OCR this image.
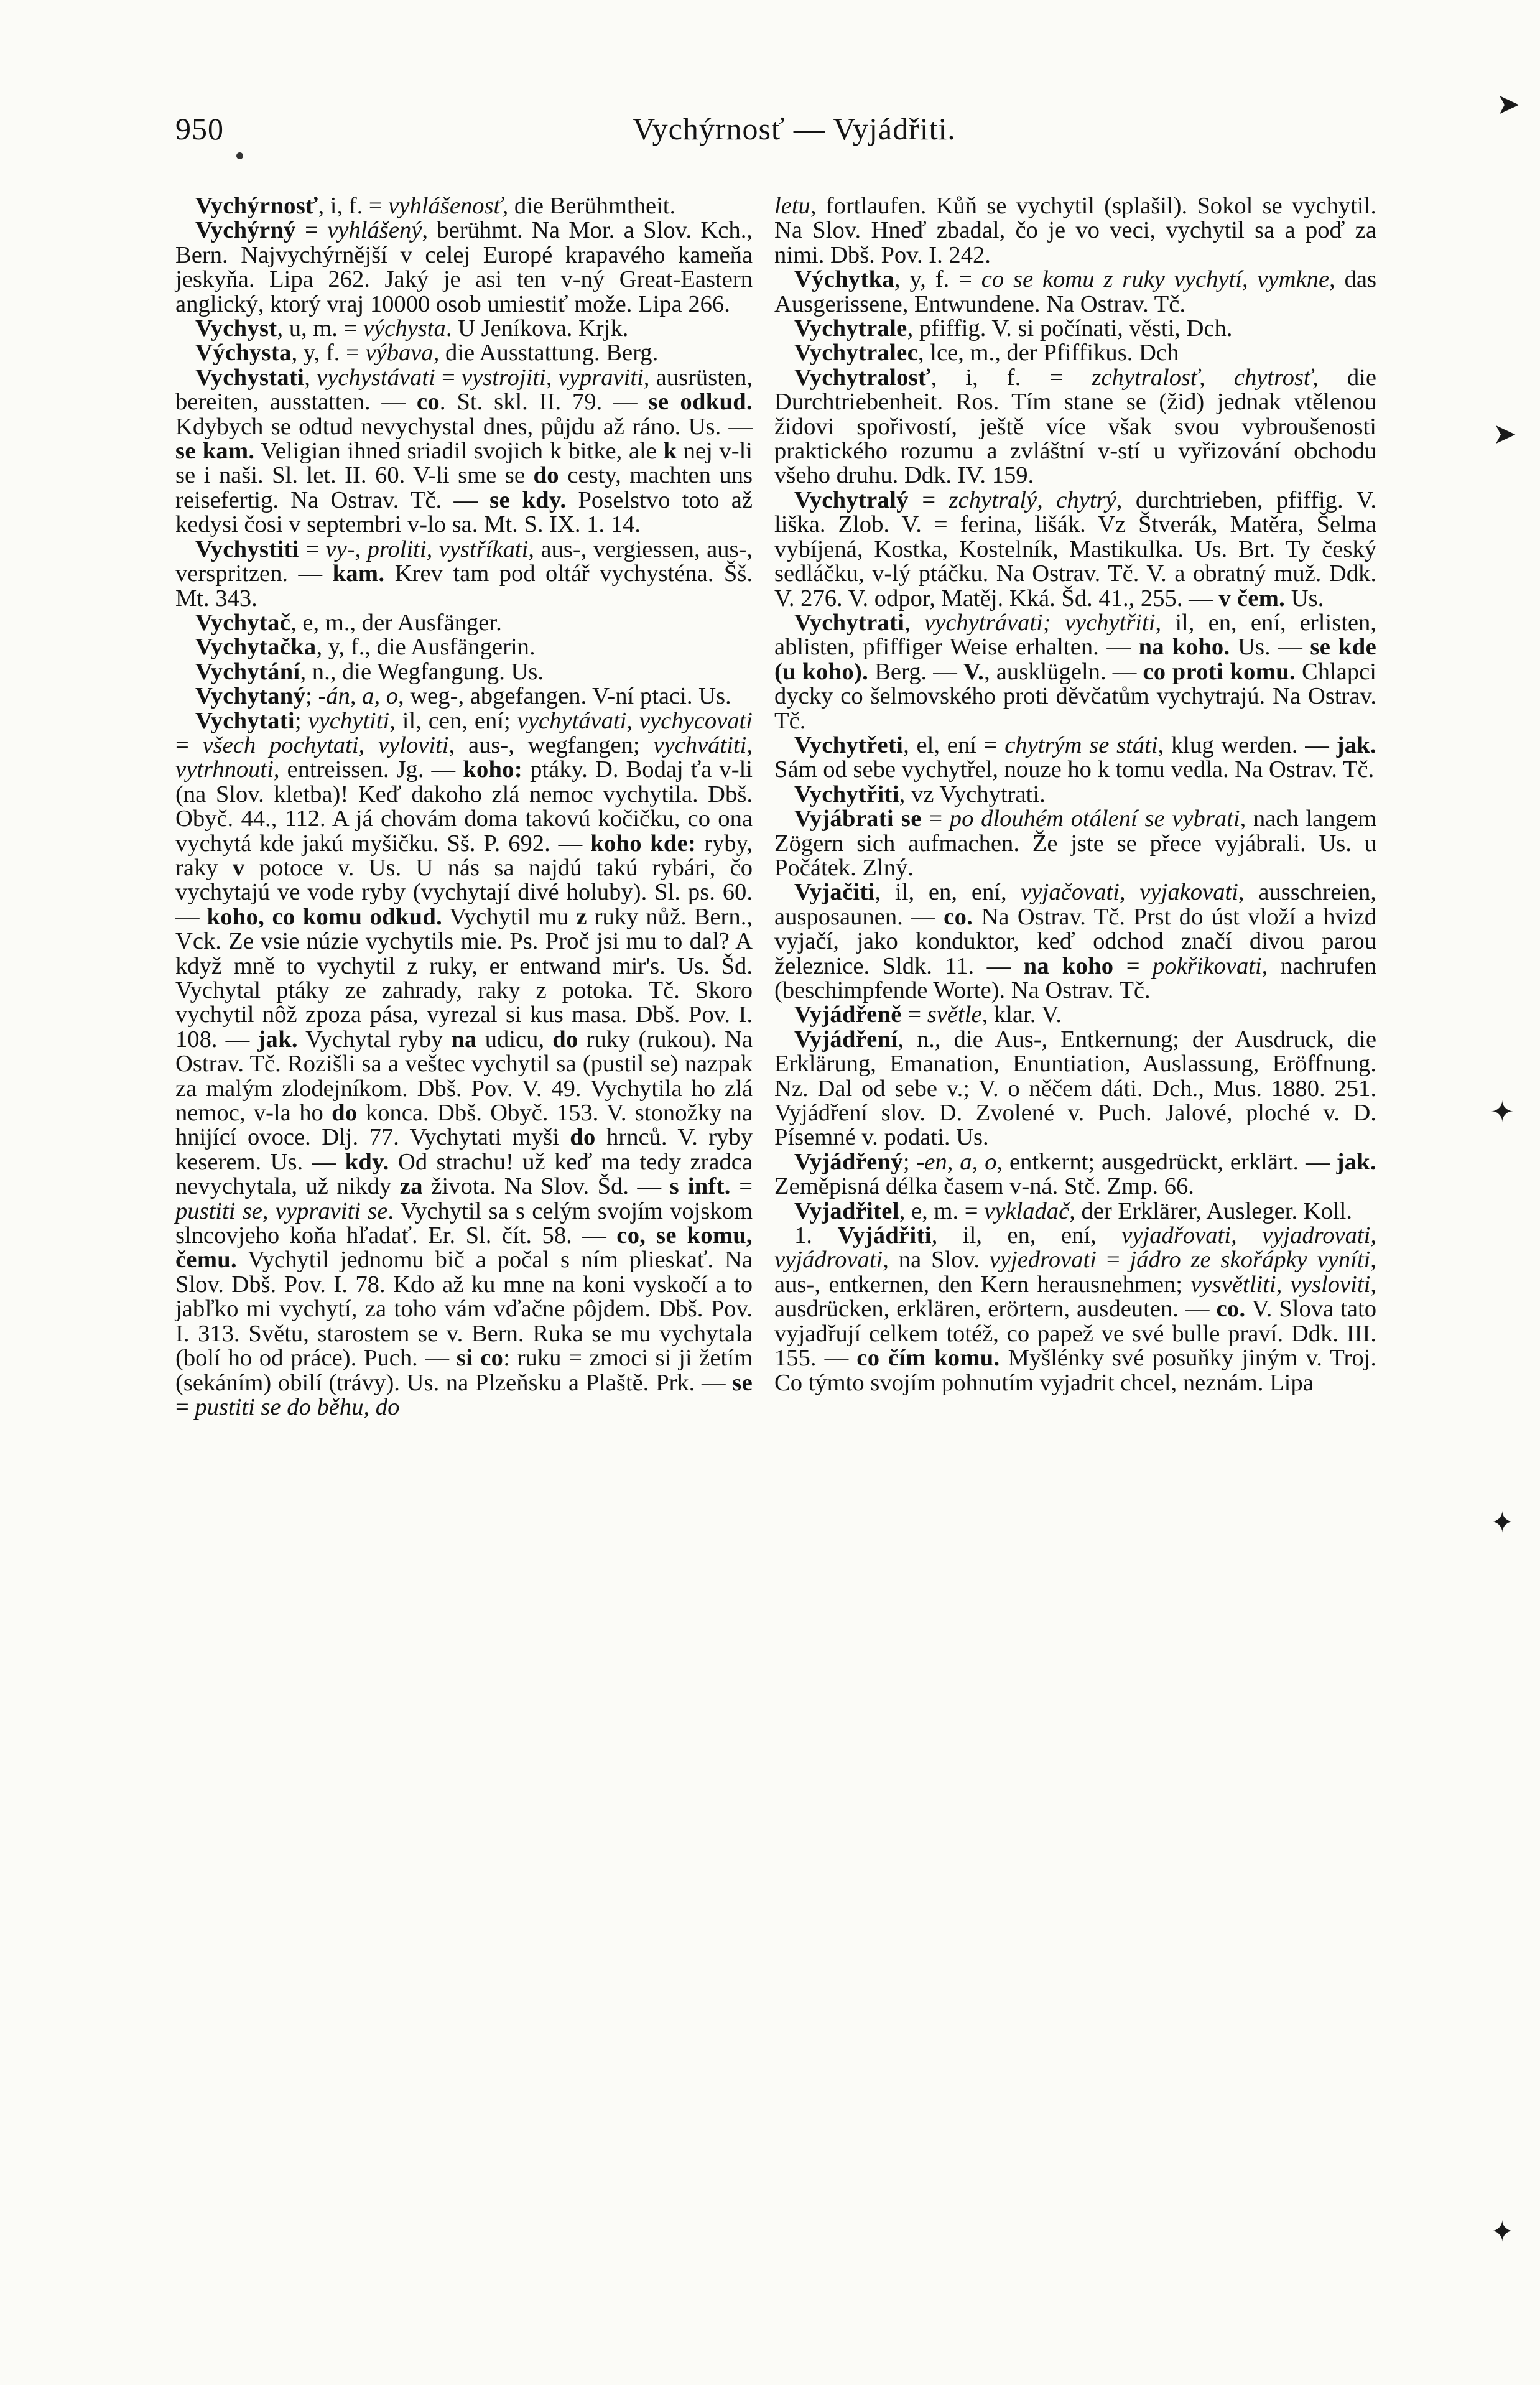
950	Vychýrnosť — Vyjádřiti.

Vychýrnosť, i, f. = vyhlášenosť, die Berühmtheit.

Vychýrný = vyhlášený, berühmt. Na Mor. a Slov. Kch., Bern. Najvychýrnější v celej Europé krapavého kameňa jeskyňa. Lipa 262. Jaký je asi ten v-ný Great-Eastern anglický, ktorý vraj 10000 osob umiestiť može. Lipa 266.

Vychyst, u, m. = výchysta. U Jeníkova. Krjk.

Výchysta, y, f. = výbava, die Ausstattung. Berg.

Vychystati, vychystávati = vystrojiti, vypraviti, ausrüsten, bereiten, ausstatten. — co. St. skl. II. 79. — se odkud. Kdybych se odtud nevychystal dnes, půjdu až ráno. Us. — se kam. Veligian ihned sriadil svojich k bitke, ale k nej v-li se i naši. Sl. let. II. 60. V-li sme se do cesty, machten uns reisefertig. Na Ostrav. Tč. — se kdy. Poselstvo toto až kedysi čosi v septembri v-lo sa. Mt. S. IX. 1. 14.

Vychystiti = vy-, proliti, vystříkati, aus-, vergiessen, aus-, verspritzen. — kam. Krev tam pod oltář vychysténa. Šš. Mt. 343.

Vychytač, e, m., der Ausfänger.

Vychytačka, y, f., die Ausfängerin.

Vychytání, n., die Wegfangung. Us.

Vychytaný; -án, a, o, weg-, abgefangen. V-ní ptaci. Us.

Vychytati; vychytiti, il, cen, ení; vychytávati, vychycovati = všech pochytati, vyloviti, aus-, wegfangen; vychvátiti, vytrhnouti, entreissen. Jg. — koho: ptáky. D. Bodaj ťa v-li (na Slov. kletba)! Keď dakoho zlá nemoc vychytila. Dbš. Obyč. 44., 112. A já chovám doma takovú kočičku, co ona vychytá kde jakú myšičku. Sš. P. 692. — koho kde: ryby, raky v potoce v. Us. U nás sa najdú takú rybári, čo vychytajú ve vode ryby (vychytají divé holuby). Sl. ps. 60. — koho, co komu odkud. Vychytil mu z ruky nůž. Bern., Vck. Ze vsie núzie vychytils mie. Ps. Proč jsi mu to dal? A když mně to vychytil z ruky, er entwand mir's. Us. Šd. Vychytal ptáky ze zahrady, raky z potoka. Tč. Skoro vychytil nôž zpoza pása, vyrezal si kus masa. Dbš. Pov. I. 108. — jak. Vychytal ryby na udicu, do ruky (rukou). Na Ostrav. Tč. Rozišli sa a veštec vychytil sa (pustil se) nazpak za malým zlodejníkom. Dbš. Pov. V. 49. Vychytila ho zlá nemoc, v-la ho do konca. Dbš. Obyč. 153. V. stonožky na hnijící ovoce. Dlj. 77. Vychytati myši do hrnců. V. ryby keserem. Us. — kdy. Od strachu! už keď ma tedy zradca nevychytala, už nikdy za života. Na Slov. Šd. — s inft. = pustiti se, vypraviti se. Vychytil sa s celým svojím vojskom slncovjeho koňa hľadať. Er. Sl. čít. 58. — co, se komu, čemu. Vychytil jednomu bič a počal s ním plieskať. Na Slov. Dbš. Pov. I. 78. Kdo až ku mne na koni vyskočí a to jabľko mi vychytí, za toho vám vďačne pôjdem. Dbš. Pov. I. 313. Světu, starostem se v. Bern. Ruka se mu vychytala (bolí ho od práce). Puch. — si co: ruku = zmoci si ji žetím (sekáním) obilí (trávy). Us. na Plzeňsku a Plaště. Prk. — se = pustiti se do běhu, do

letu, fortlaufen. Kůň se vychytil (splašil). Sokol se vychytil. Na Slov. Hneď zbadal, čo je vo veci, vychytil sa a poď za nimi. Dbš. Pov. I. 242.

Výchytka, y, f. = co se komu z ruky vychytí, vymkne, das Ausgerissene, Entwundene. Na Ostrav. Tč.

Vychytrale, pfiffig. V. si počínati, věsti, Dch.

Vychytralec, lce, m., der Pfiffikus. Dch

Vychytralosť, i, f. = zchytralosť, chytrosť, die Durchtriebenheit. Ros. Tím stane se (žid) jednak vtělenou židovi spořivostí, ještě více však svou vybroušenosti praktického rozumu a zvláštní v-stí u vyřizování obchodu všeho druhu. Ddk. IV. 159.

Vychytralý = zchytralý, chytrý, durchtrieben, pfiffig. V. liška. Zlob. V. = ferina, lišák. Vz Štverák, Matěra, Šelma vybíjená, Kostka, Kostelník, Mastikulka. Us. Brt. Ty český sedláčku, v-lý ptáčku. Na Ostrav. Tč. V. a obratný muž. Ddk. V. 276. V. odpor, Matěj. Kká. Šd. 41., 255. — v čem. Us.

Vychytrati, vychytrávati; vychytřiti, il, en, ení, erlisten, ablisten, pfiffiger Weise erhalten. — na koho. Us. — se kde (u koho). Berg. — V., ausklügeln. — co proti komu. Chlapci dycky co šelmovského proti děvčatům vychytrajú. Na Ostrav. Tč.

Vychytřeti, el, ení = chytrým se státi, klug werden. — jak. Sám od sebe vychytřel, nouze ho k tomu vedla. Na Ostrav. Tč.

Vychytřiti, vz Vychytrati.

Vyjábrati se = po dlouhém otálení se vybrati, nach langem Zögern sich aufmachen. Že jste se přece vyjábrali. Us. u Počátek. Zlný.

Vyjačiti, il, en, ení, vyjačovati, vyjakovati, ausschreien, ausposaunen. — co. Na Ostrav. Tč. Prst do úst vloží a hvizd vyjačí, jako konduktor, keď odchod značí divou parou železnice. Sldk. 11. — na koho = pokřikovati, nachrufen (beschimpfende Worte). Na Ostrav. Tč.

Vyjádřeně = světle, klar. V.

Vyjádření, n., die Aus-, Entkernung; der Ausdruck, die Erklärung, Emanation, Enuntiation, Auslassung, Eröffnung. Nz. Dal od sebe v.; V. o něčem dáti. Dch., Mus. 1880. 251. Vyjádření slov. D. Zvolené v. Puch. Jalové, ploché v. D. Písemné v. podati. Us.

Vyjádřený; -en, a, o, entkernt; ausgedrückt, erklärt. — jak. Zeměpisná délka časem v-ná. Stč. Zmp. 66.

Vyjadřitel, e, m. = vykladač, der Erklärer, Ausleger. Koll.

1. Vyjádřiti, il, en, ení, vyjadřovati, vyjadrovati, vyjádrovati, na Slov. vyjedrovati = jádro ze skořápky vyníti, aus-, entkernen, den Kern herausnehmen; vysvětliti, vysloviti, ausdrücken, erklären, erörtern, ausdeuten. — co. V. Slova tato vyjadřují celkem totéž, co papež ve své bulle praví. Ddk. III. 155. — co čím komu. Myšlénky své posuňky jiným v. Troj. Co týmto svojím pohnutím vyjadrit chcel, neznám. Lipa

➤
➤
✦
✦
✦
